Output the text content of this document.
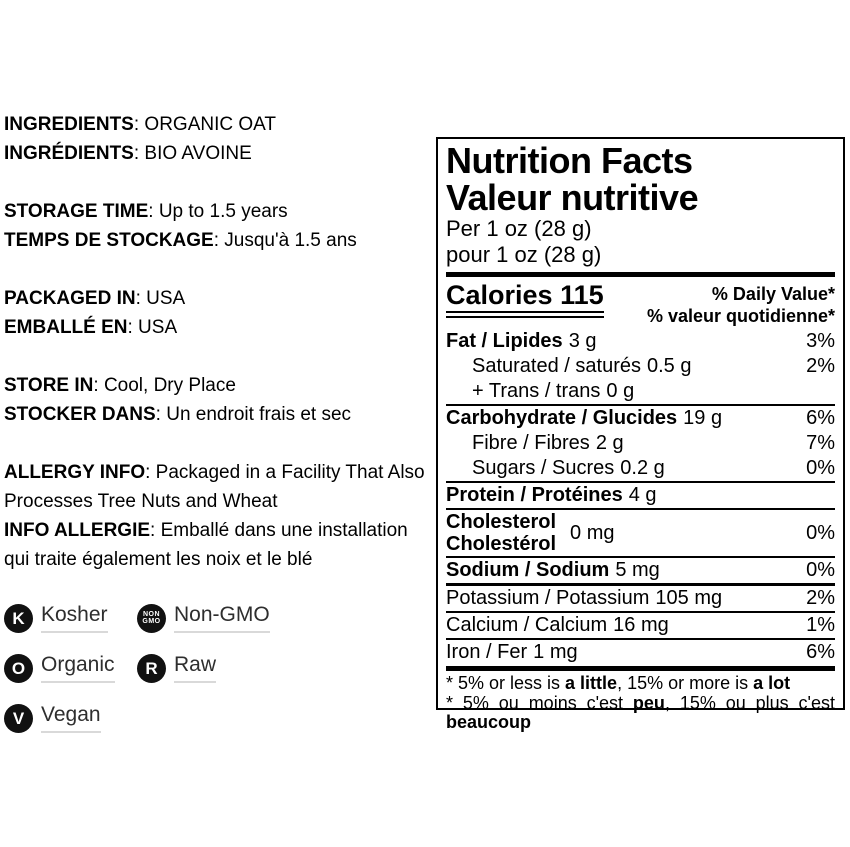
INGREDIENTS: ORGANIC OAT
INGRÉDIENTS: BIO AVOINE
STORAGE TIME: Up to 1.5 years
TEMPS DE STOCKAGE: Jusqu'à 1.5 ans
PACKAGED IN: USA
EMBALLÉ EN: USA
STORE IN: Cool, Dry Place
STOCKER DANS: Un endroit frais et sec
ALLERGY INFO: Packaged in a Facility That Also Processes Tree Nuts and Wheat
INFO ALLERGIE: Emballé dans une installation qui traite également les noix et le blé
K Kosher	NON
GMO Non-GMO
O Organic R Raw
V Vegan
Nutrition Facts
Valeur nutritive
Per 1 oz (28 g)
pour 1 oz (28 g)
Calories 115	% Daily Value*
% valeur quotidienne*
Fat / Lipides 3 g	3%
Saturated / saturés 0.5 g	2%
+ Trans / trans 0 g
Carbohydrate / Glucides 19 g	6%
Fibre / Fibres 2 g	7%
Sugars / Sucres 0.2 g	0%
Protein / Protéines 4 g
Cholesterol
Cholestérol
0 mg	0%
Sodium / Sodium 5 mg	0%
Potassium / Potassium 105 mg	2%
Calcium / Calcium 16 mg	1%
Iron / Fer 1 mg	6%
* 5% or less is a little, 15% or more is a lot
* 5% ou moins c'est peu, 15% ou plus c'est beaucoup
